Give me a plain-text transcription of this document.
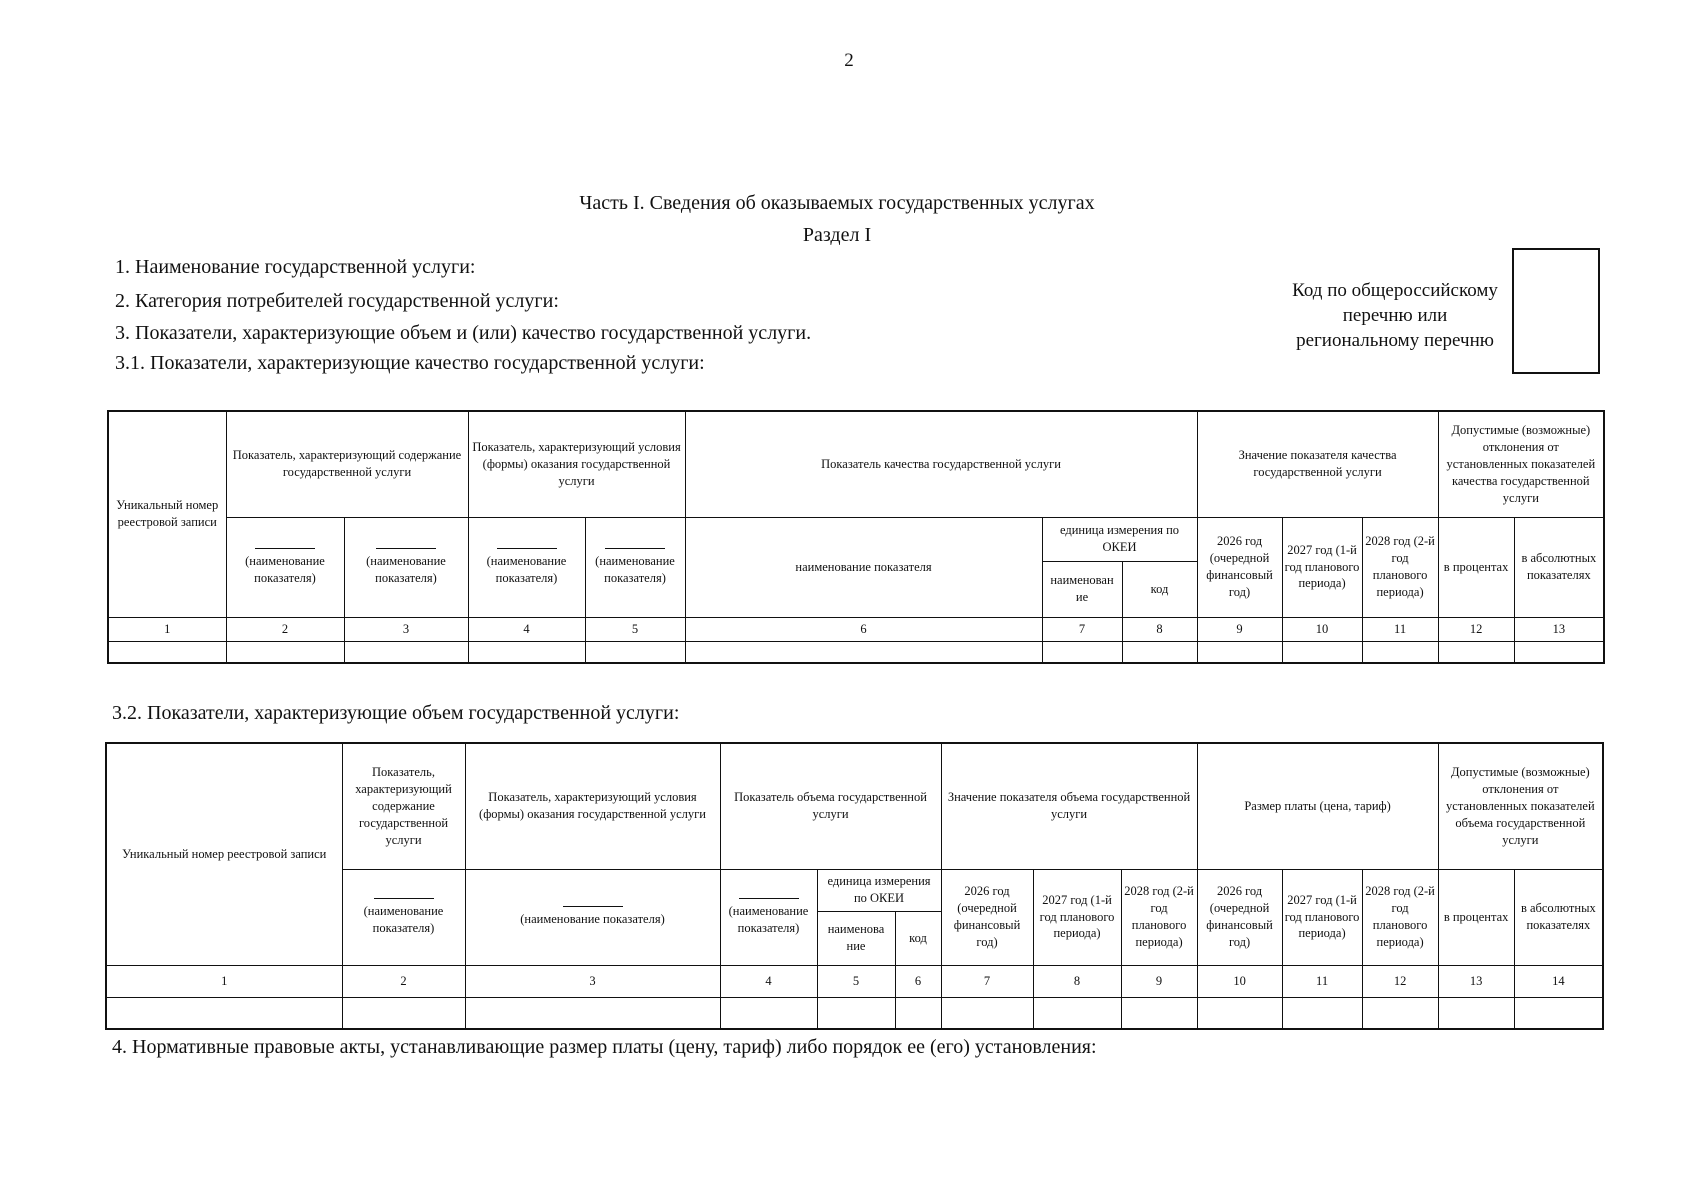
2
Часть I. Сведения об оказываемых государственных услугах
Раздел I
1. Наименование государственной услуги:
2. Категория потребителей государственной услуги:
3. Показатели, характеризующие объем и (или) качество государственной услуги.
3.1. Показатели, характеризующие качество государственной услуги:
Код по общероссийскому перечню или региональному перечню
Уникальный номер реестровой записи	Показатель, характеризующий содержание государственной услуги		Показатель, характеризующий условия (формы) оказания государственной услуги		Показатель качества государственной услуги			Значение показателя качества государственной услуги			Допустимые (возможные) отклонения от установленных показателей качества государственной услуги	

(наименование показателя)	(наименование показателя)	(наименование показателя)	(наименование показателя)	наименование показателя	единица измерения по ОКЕИ		2026 год (очередной финансовый год)	2027 год (1-й год планового периода)	2028 год (2-й год планового периода)	в процентах	в абсолютных показателях
						наименован ие	код					
1	2	3	4	5	6	7	8	9	10	11	12	13

3.2. Показатели, характеризующие объем государственной услуги:
Уникальный номер реестровой записи	Показатель, характеризующий содержание государственной услуги	Показатель, характеризующий условия (формы) оказания государственной услуги	Показатель объема государственной услуги			Значение показателя объема государственной услуги			Размер платы (цена, тариф)			Допустимые (возможные) отклонения от установленных показателей объема государственной услуги	

(наименование показателя)	(наименование показателя)	(наименование показателя)	единица измерения по ОКЕИ		2026 год (очередной финансовый год)	2027 год (1-й год планового периода)	2028 год (2-й год планового периода)	2026 год (очередной финансовый год)	2027 год (1-й год планового периода)	2028 год (2-й год планового периода)	в процентах	в абсолютных показателях
				наименова ние	код								
1	2	3	4	5	6	7	8	9	10	11	12	13	14

4. Нормативные правовые акты, устанавливающие размер платы (цену, тариф) либо порядок ее (его) установления:
